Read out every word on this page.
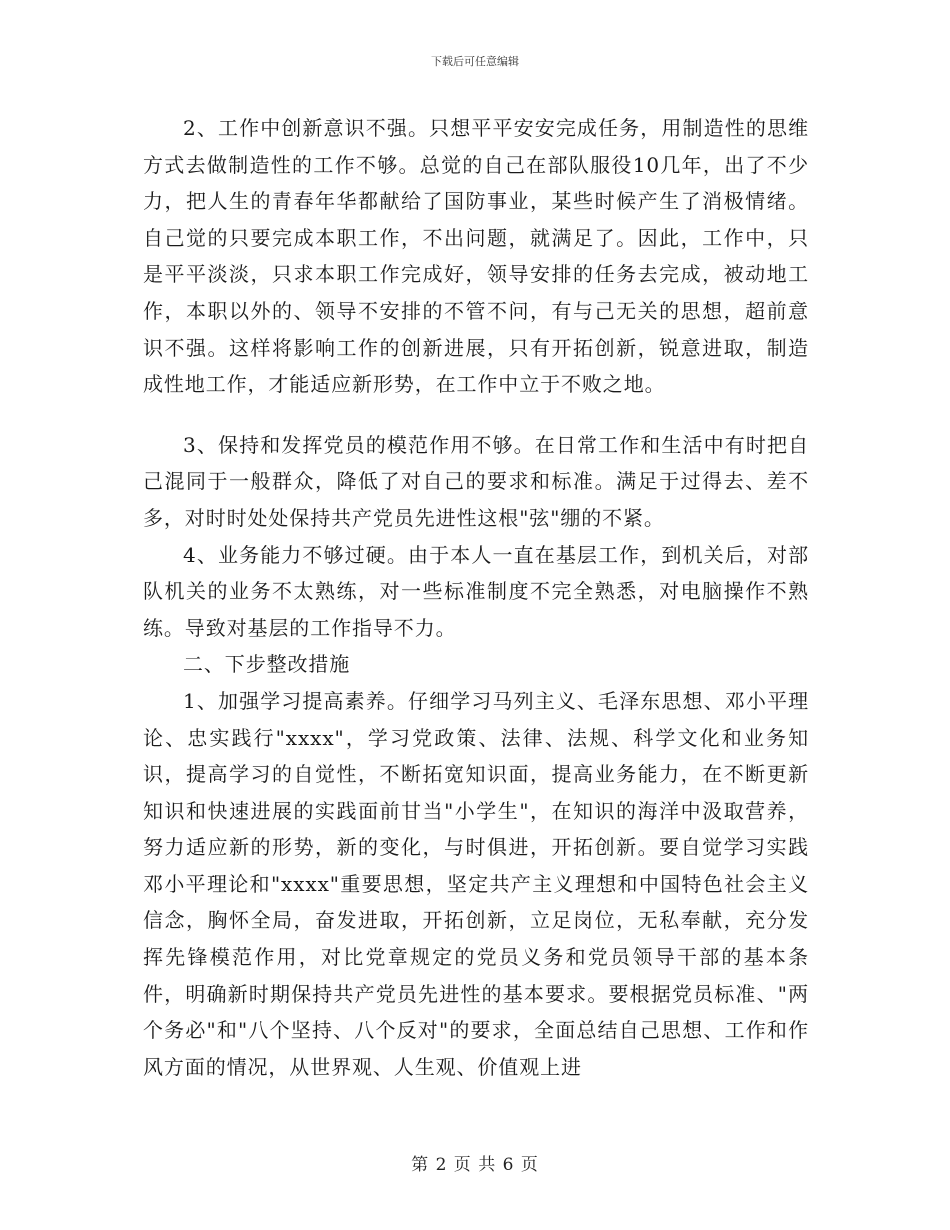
下载后可任意编辑

2、工作中创新意识不强。只想平平安安完成任务，用制造性的思维方式去做制造性的工作不够。总觉的自己在部队服役10几年，出了不少力，把人生的青春年华都献给了国防事业，某些时候产生了消极情绪。自己觉的只要完成本职工作，不出问题，就满足了。因此，工作中，只是平平淡淡，只求本职工作完成好，领导安排的任务去完成，被动地工作，本职以外的、领导不安排的不管不问，有与己无关的思想，超前意识不强。这样将影响工作的创新进展，只有开拓创新，锐意进取，制造成性地工作，才能适应新形势，在工作中立于不败之地。

3、保持和发挥党员的模范作用不够。在日常工作和生活中有时把自己混同于一般群众，降低了对自己的要求和标准。满足于过得去、差不多，对时时处处保持共产党员先进性这根"弦"绷的不紧。

4、业务能力不够过硬。由于本人一直在基层工作，到机关后，对部队机关的业务不太熟练，对一些标准制度不完全熟悉，对电脑操作不熟练。导致对基层的工作指导不力。

二、下步整改措施

1、加强学习提高素养。仔细学习马列主义、毛泽东思想、邓小平理论、忠实践行"xxxx"，学习党政策、法律、法规、科学文化和业务知识，提高学习的自觉性，不断拓宽知识面，提高业务能力，在不断更新知识和快速进展的实践面前甘当"小学生"，在知识的海洋中汲取营养，努力适应新的形势，新的变化，与时俱进，开拓创新。要自觉学习实践邓小平理论和"xxxx"重要思想，坚定共产主义理想和中国特色社会主义信念，胸怀全局，奋发进取，开拓创新，立足岗位，无私奉献，充分发挥先锋模范作用，对比党章规定的党员义务和党员领导干部的基本条件，明确新时期保持共产党员先进性的基本要求。要根据党员标准、"两个务必"和"八个坚持、八个反对"的要求，全面总结自己思想、工作和作风方面的情况，从世界观、人生观、价值观上进

第 2 页 共 6 页
